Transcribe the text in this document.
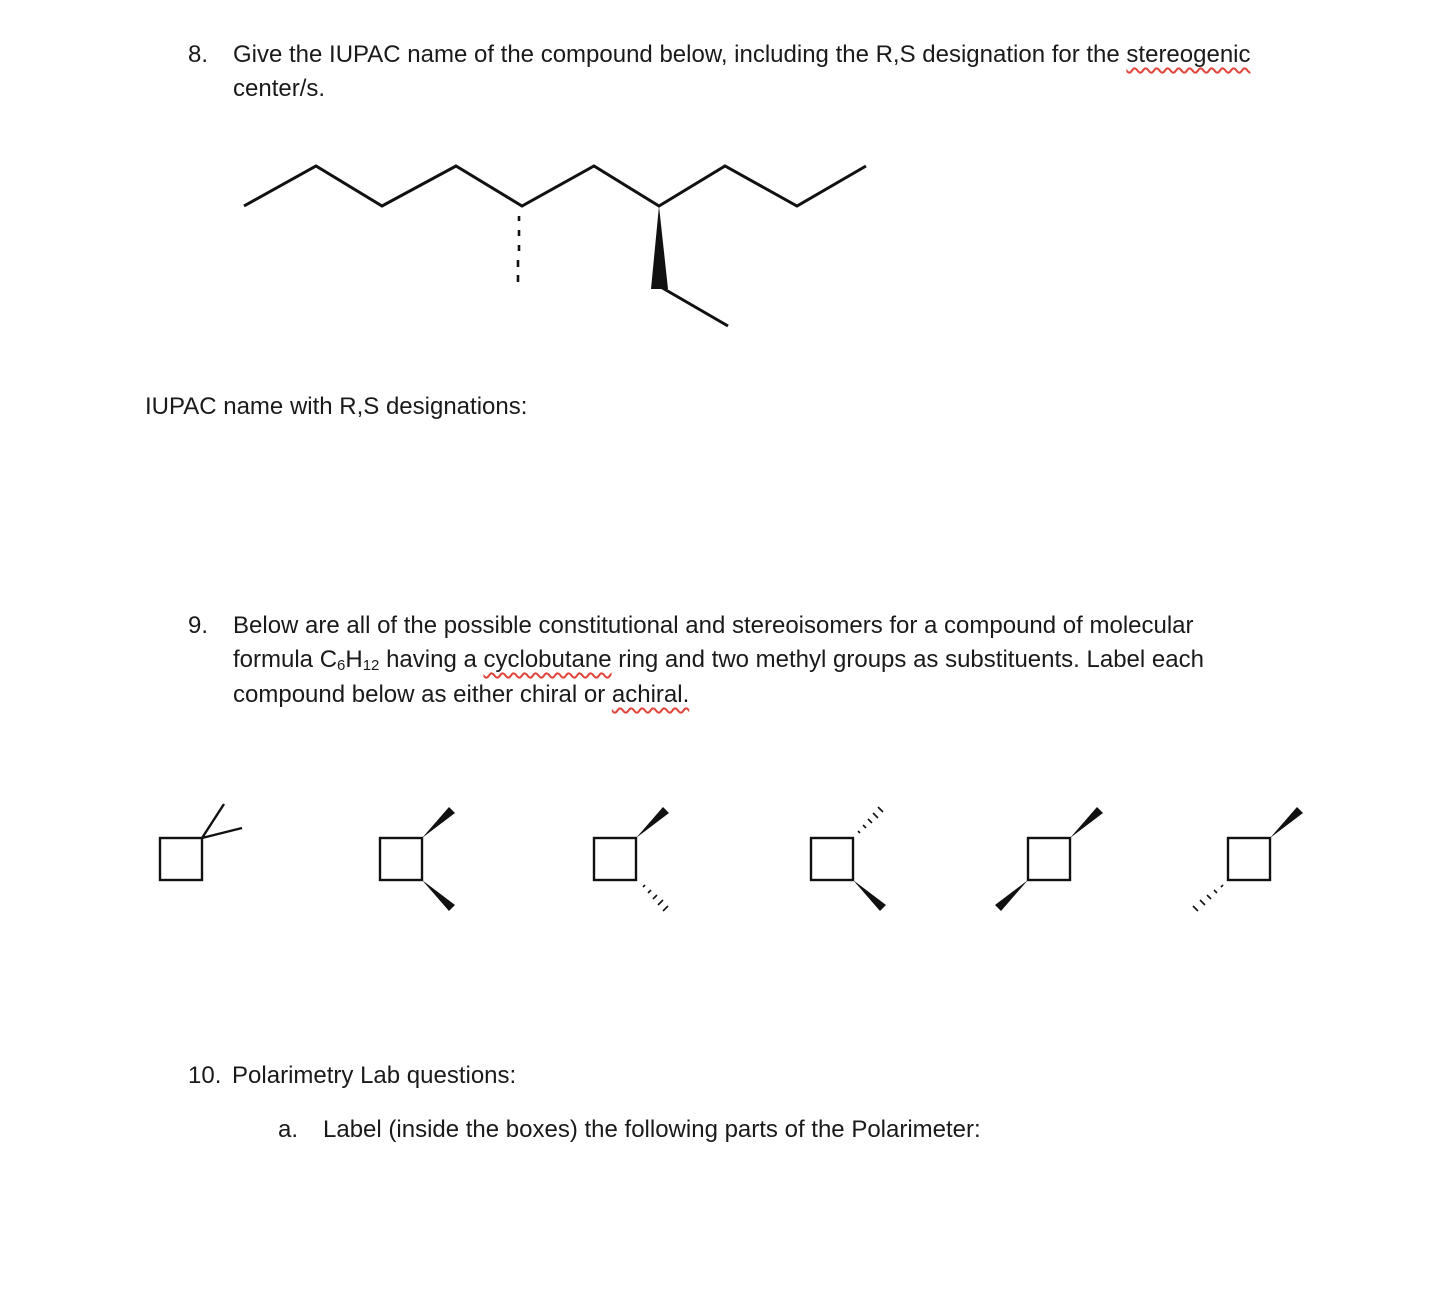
8. Give the IUPAC name of the compound below, including the R,S designation for the stereogenic
center/s.
IUPAC name with R,S designations:
9. Below are all of the possible constitutional and stereoisomers for a compound of molecular
formula $C_6H_{12}$ having a cyclobutane ring and two methyl groups as substituents. Label each
compound below as either chiral or achiral.
10. Polarimetry Lab questions:
a. Label (inside the boxes) the following parts of the Polarimeter:
